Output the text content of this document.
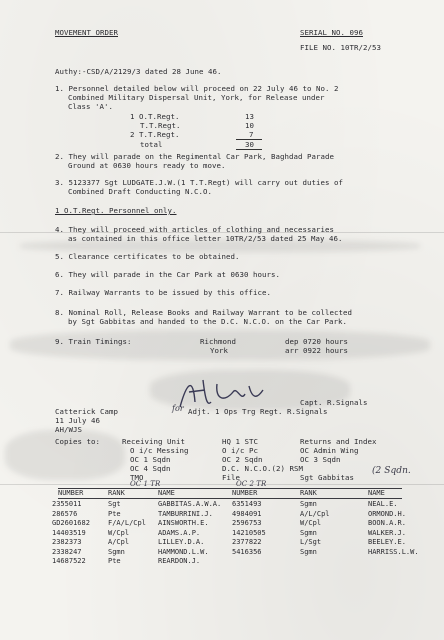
MOVEMENT ORDER	SERIAL NO. 096
FILE NO. 10TR/2/53
Authy:-CSD/A/2129/3 dated 28 June 46.
1. Personnel detailed below will proceed on 22 July 46 to No. 2
Combined Military Dispersal Unit, York, for Release under
Class 'A'.
1 O.T.Regt.	13
T.T.Regt.	10
2 T.T.Regt.	7
total	30
2. They will parade on the Regimental Car Park, Baghdad Parade
Ground at 0630 hours ready to move.
3. 5123377 Sgt LUDGATE.J.W.(1 T.T.Regt) will carry out duties of
Combined Draft Conducting N.C.O.
1 O.T.Regt. Personnel only.
4. They will proceed with articles of clothing and necessaries
as contained in this office letter 10TR/2/53 dated 25 May 46.
5. Clearance certificates to be obtained.
6. They will parade in the Car Park at 0630 hours.
7. Railway Warrants to be issued by this office.
8. Nominal Roll, Release Books and Railway Warrant to be collected
by Sgt Gabbitas and handed to the D.C. N.C.O. on the Car Park.
9. Train Timings:	Richmond	dep 0720 hours
York	arr 0922 hours
Capt. R.Signals
for Adjt. 1 Ops Trg Regt. R.Signals
Catterick Camp
11 July 46
AH/WJS
Copies to:	Receiving Unit
O i/c Messing
OC 1 Sqdn
OC 4 Sqdn
TMO
OC 1 TR
HQ 1 STC
O i/c Pc
OC 2 Sqdn
D.C. N.C.O.(2) RSM
File
OC 2 TR
Returns and Index
OC Admin Wing
OC 3 Sqdn
Sgt Gabbitas
(2 Sqdn.
NUMBER	RANK	NAME	NUMBER	RANK	NAME
2355011	Sgt	GABBITAS.A.W.A. 6351493	Sgmn	NEAL.E.
286576	Pte	TAMBURRINI.J.	4984091	A/L/Cpl	ORMOND.H.
GD2601682	F/A/L/Cpl AINSWORTH.E.	2596753	W/Cpl	BOON.A.R.
14403519	W/Cpl	ADAMS.A.P.	14210505	Sgmn	WALKER.J.
2382373	A/Cpl	LILLEY.D.A.	2377822	L/Sgt	BEELEY.E.
2338247	Sgmn	HAMMOND.L.W.	5416356	Sgmn	HARRISS.L.W.
14687522	Pte	REARDON.J.
